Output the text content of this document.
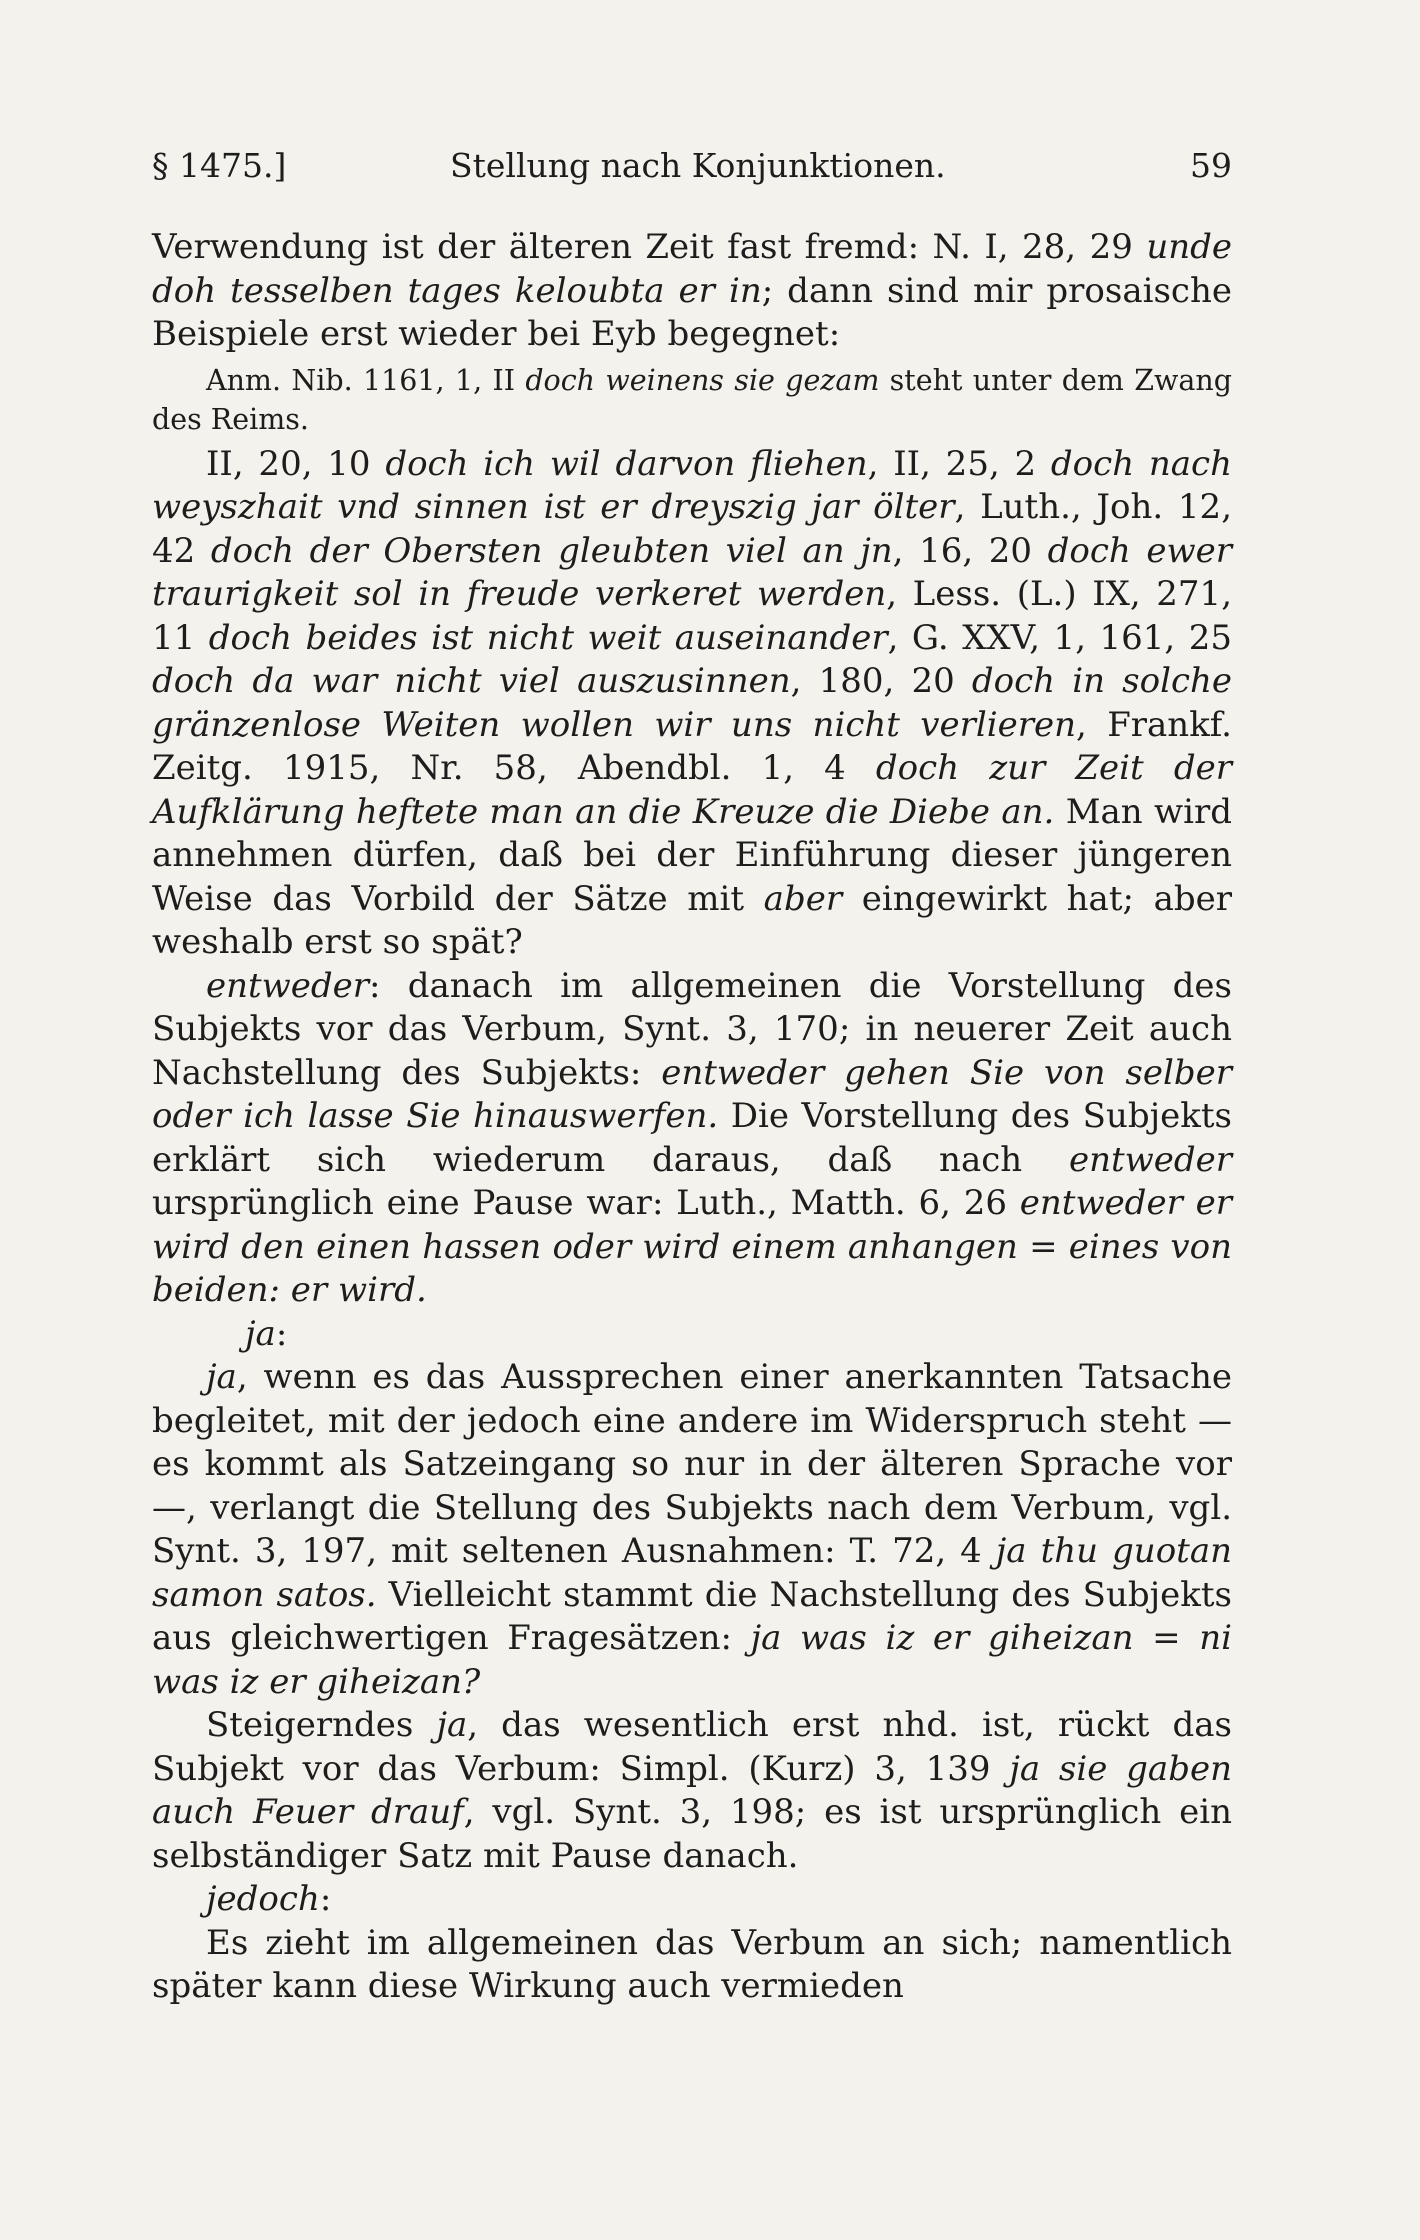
§ 1475.]	Stellung nach Konjunktionen.	59

Verwendung ist der älteren Zeit fast fremd: N. I, 28, 29 unde doh tesselben tages keloubta er in; dann sind mir prosaische Beispiele erst wieder bei Eyb begegnet:

Anm. Nib. 1161, 1, II doch weinens sie gezam steht unter dem Zwang des Reims.

II, 20, 10 doch ich wil darvon fliehen, II, 25, 2 doch nach weyszhait vnd sinnen ist er dreyszig jar ölter, Luth., Joh. 12, 42 doch der Obersten gleubten viel an jn, 16, 20 doch ewer traurigkeit sol in freude verkeret werden, Less. (L.) IX, 271, 11 doch beides ist nicht weit auseinander, G. XXV, 1, 161, 25 doch da war nicht viel auszusinnen, 180, 20 doch in solche gränzenlose Weiten wollen wir uns nicht verlieren, Frankf. Zeitg. 1915, Nr. 58, Abendbl. 1, 4 doch zur Zeit der Aufklärung heftete man an die Kreuze die Diebe an. Man wird annehmen dürfen, daß bei der Einführung dieser jüngeren Weise das Vorbild der Sätze mit aber eingewirkt hat; aber weshalb erst so spät?

entweder: danach im allgemeinen die Vorstellung des Subjekts vor das Verbum, Synt. 3, 170; in neuerer Zeit auch Nachstellung des Subjekts: entweder gehen Sie von selber oder ich lasse Sie hinauswerfen. Die Vorstellung des Subjekts erklärt sich wiederum daraus, daß nach entweder ursprünglich eine Pause war: Luth., Matth. 6, 26 entweder er wird den einen hassen oder wird einem anhangen = eines von beiden: er wird.

ja:

ja, wenn es das Aussprechen einer anerkannten Tatsache begleitet, mit der jedoch eine andere im Widerspruch steht — es kommt als Satzeingang so nur in der älteren Sprache vor —, verlangt die Stellung des Subjekts nach dem Verbum, vgl. Synt. 3, 197, mit seltenen Ausnahmen: T. 72, 4 ja thu guotan samon satos. Vielleicht stammt die Nachstellung des Subjekts aus gleichwertigen Fragesätzen: ja was iz er giheizan = ni was iz er giheizan?

Steigerndes ja, das wesentlich erst nhd. ist, rückt das Subjekt vor das Verbum: Simpl. (Kurz) 3, 139 ja sie gaben auch Feuer drauf, vgl. Synt. 3, 198; es ist ursprünglich ein selbständiger Satz mit Pause danach.

jedoch:

Es zieht im allgemeinen das Verbum an sich; namentlich später kann diese Wirkung auch vermieden
